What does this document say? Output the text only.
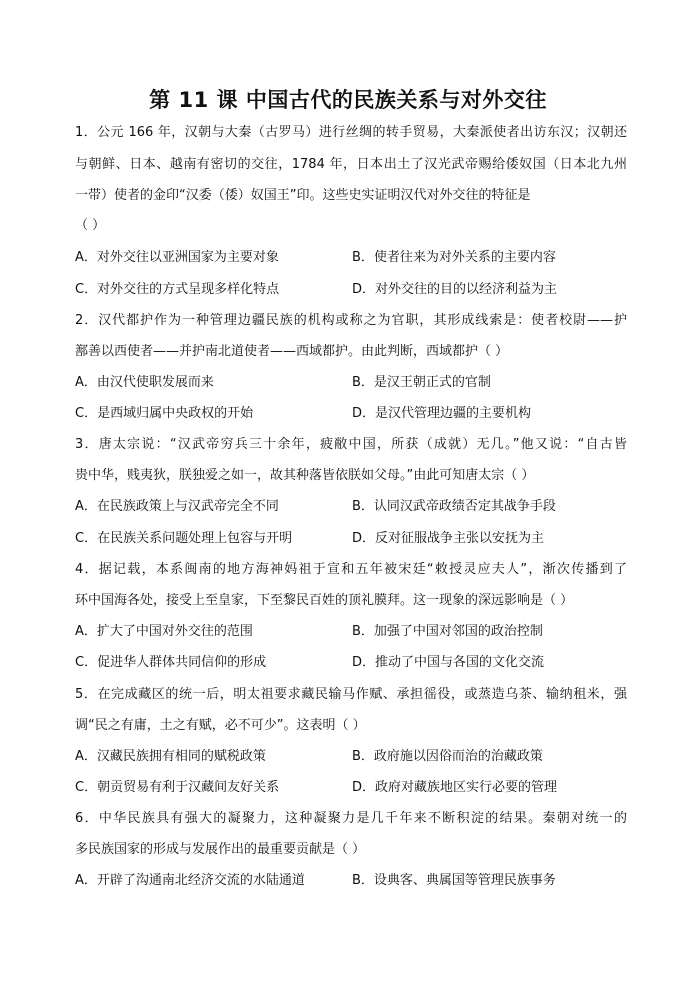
第 11 课 中国古代的民族关系与对外交往
1．公元 166 年，汉朝与大秦（古罗马）进行丝绸的转手贸易，大秦派使者出访东汉；汉朝还
与朝鲜、日本、越南有密切的交往，1784 年，日本出土了汉光武帝赐给倭奴国（日本北九州
一带）使者的金印“汉委（倭）奴国王”印。这些史实证明汉代对外交往的特征是
（ ）
A．对外交往以亚洲国家为主要对象	B．使者往来为对外关系的主要内容
C．对外交往的方式呈现多样化特点	D．对外交往的目的以经济利益为主
2．汉代都护作为一种管理边疆民族的机构或称之为官职，其形成线索是：使者校尉——护
鄯善以西使者——并护南北道使者——西域都护。由此判断，西域都护（ ）
A．由汉代使职发展而来	B．是汉王朝正式的官制
C．是西域归属中央政权的开始	D．是汉代管理边疆的主要机构
3．唐太宗说：“汉武帝穷兵三十余年，疲敝中国，所获（成就）无几。”他又说：“自古皆
贵中华，贱夷狄，朕独爱之如一，故其种落皆依朕如父母。”由此可知唐太宗（ ）
A．在民族政策上与汉武帝完全不同	B．认同汉武帝政绩否定其战争手段
C．在民族关系问题处理上包容与开明	D．反对征服战争主张以安抚为主
4．据记载，本系闽南的地方海神妈祖于宣和五年被宋廷“敕授灵应夫人”，渐次传播到了
环中国海各处，接受上至皇家，下至黎民百姓的顶礼膜拜。这一现象的深远影响是（ ）
A．扩大了中国对外交往的范围	B．加强了中国对邻国的政治控制
C．促进华人群体共同信仰的形成	D．推动了中国与各国的文化交流
5．在完成藏区的统一后，明太祖要求藏民输马作赋、承担徭役，或蒸造乌茶、输纳租米，强
调“民之有庸，土之有赋，必不可少”。这表明（ ）
A．汉藏民族拥有相同的赋税政策	B．政府施以因俗而治的治藏政策
C．朝贡贸易有利于汉藏间友好关系	D．政府对藏族地区实行必要的管理
6．中华民族具有强大的凝聚力，这种凝聚力是几千年来不断积淀的结果。秦朝对统一的
多民族国家的形成与发展作出的最重要贡献是（ ）
A．开辟了沟通南北经济交流的水陆通道	B．设典客、典属国等管理民族事务
